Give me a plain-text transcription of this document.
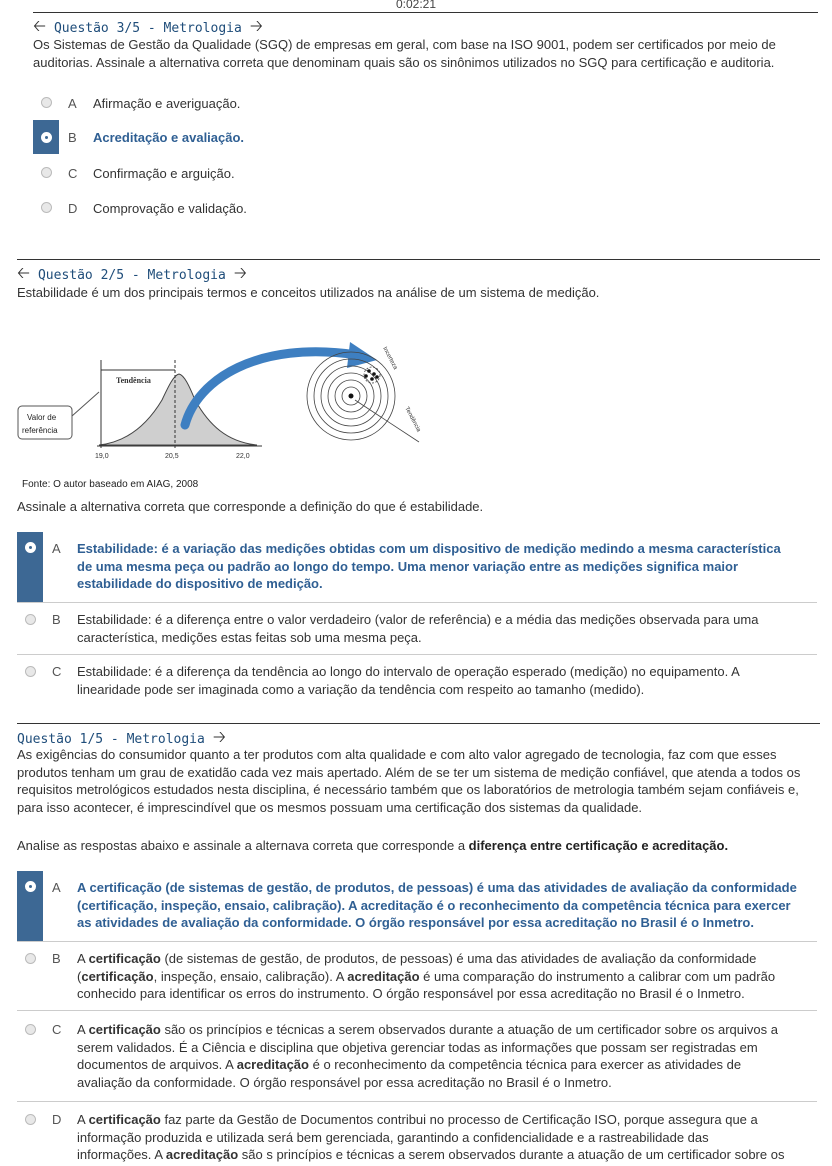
0:02:21
🡠 Questão 3/5 - Metrologia 🡢
Os Sistemas de Gestão da Qualidade (SGQ) de empresas em geral, com base na ISO 9001, podem ser certificados por meio de auditorias. Assinale a alternativa correta que denominam quais são os sinônimos utilizados no SGQ para certificação e auditoria.
A Afirmação e averiguação.
B Acreditação e avaliação.
C Confirmação e arguição.
D Comprovação e validação.
🡠 Questão 2/5 - Metrologia 🡢
Estabilidade é um dos principais termos e conceitos utilizados na análise de um sistema de medição.
Tendência
19,0	20,5	22,0
Valor de
referência
Incerteza
Tendência
Fonte: O autor baseado em AIAG, 2008
Assinale a alternativa correta que corresponde a definição do que é estabilidade.
A Estabilidade: é a variação das medições obtidas com um dispositivo de medição medindo a mesma característica
de uma mesma peça ou padrão ao longo do tempo. Uma menor variação entre as medições significa maior
estabilidade do dispositivo de medição.
B Estabilidade: é a diferença entre o valor verdadeiro (valor de referência) e a média das medições observada para uma
característica, medições estas feitas sob uma mesma peça.
C Estabilidade: é a diferença da tendência ao longo do intervalo de operação esperado (medição) no equipamento. A
linearidade pode ser imaginada como a variação da tendência com respeito ao tamanho (medido).
Questão 1/5 - Metrologia 🡢
As exigências do consumidor quanto a ter produtos com alta qualidade e com alto valor agregado de tecnologia, faz com que esses
produtos tenham um grau de exatidão cada vez mais apertado. Além de se ter um sistema de medição confiável, que atenda a todos os
requisitos metrológicos estudados nesta disciplina, é necessário também que os laboratórios de metrologia também sejam confiáveis e,
para isso acontecer, é imprescindível que os mesmos possuam uma certificação dos sistemas da qualidade.
Analise as respostas abaixo e assinale a alternava correta que corresponde a diferença entre certificação e acreditação.
A A certificação (de sistemas de gestão, de produtos, de pessoas) é uma das atividades de avaliação da conformidade
(certificação, inspeção, ensaio, calibração). A acreditação é o reconhecimento da competência técnica para exercer
as atividades de avaliação da conformidade. O órgão responsável por essa acreditação no Brasil é o Inmetro.
B A certificação (de sistemas de gestão, de produtos, de pessoas) é uma das atividades de avaliação da conformidade
(certificação, inspeção, ensaio, calibração). A acreditação é uma comparação do instrumento a calibrar com um padrão
conhecido para identificar os erros do instrumento. O órgão responsável por essa acreditação no Brasil é o Inmetro.
C A certificação são os princípios e técnicas a serem observados durante a atuação de um certificador sobre os arquivos a
serem validados. É a Ciência e disciplina que objetiva gerenciar todas as informações que possam ser registradas em
documentos de arquivos. A acreditação é o reconhecimento da competência técnica para exercer as atividades de
avaliação da conformidade. O órgão responsável por essa acreditação no Brasil é o Inmetro.
D A certificação faz parte da Gestão de Documentos contribui no processo de Certificação ISO, porque assegura que a
informação produzida e utilizada será bem gerenciada, garantindo a confidencialidade e a rastreabilidade das
informações. A acreditação são s princípios e técnicas a serem observados durante a atuação de um certificador sobre os
